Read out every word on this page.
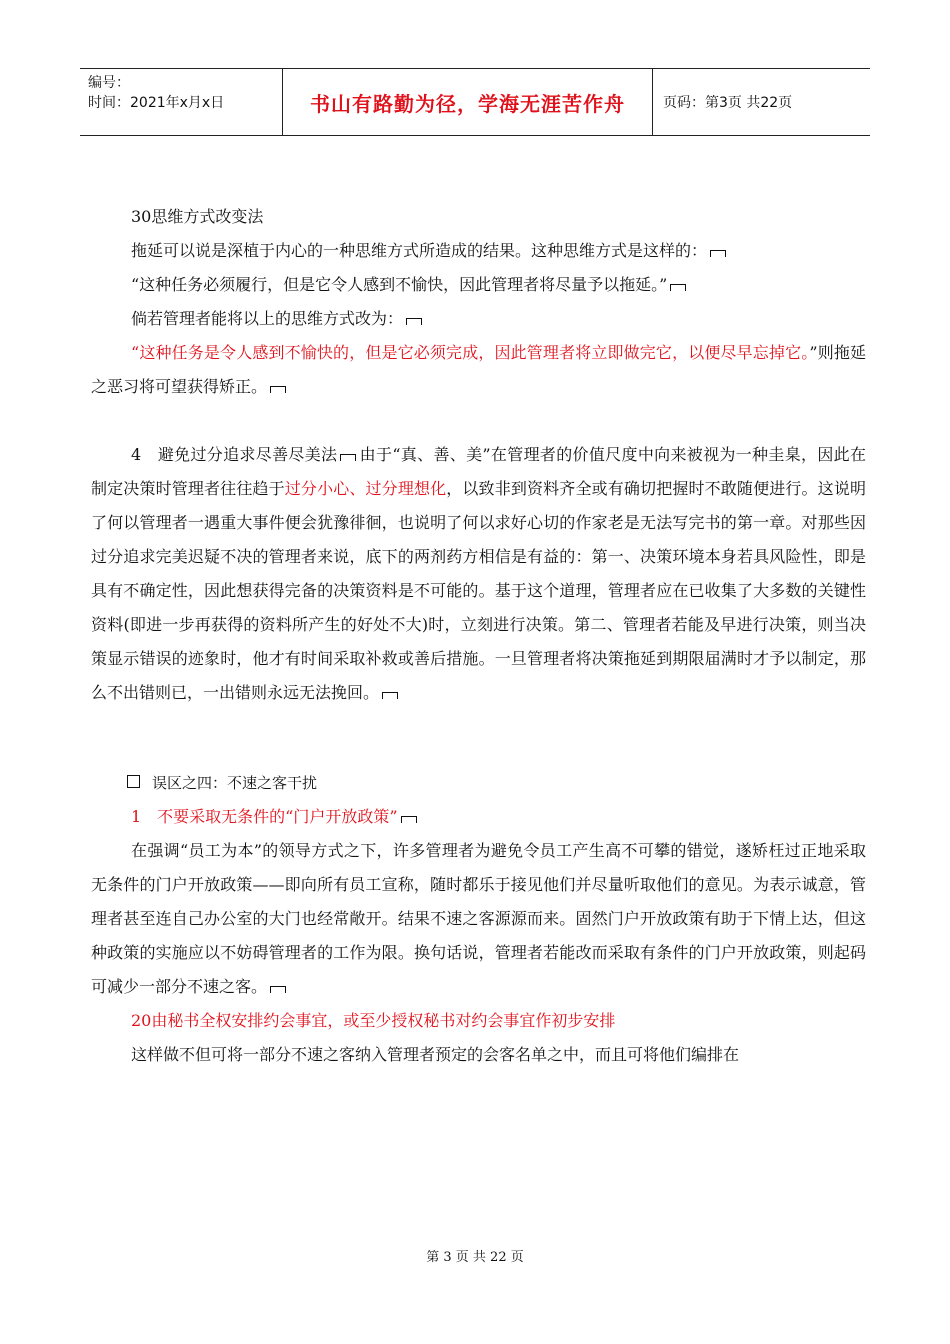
编号：
时间：2021年x月x日	书山有路勤为径，学海无涯苦作舟	页码：第3页 共22页

30思维方式改变法

拖延可以说是深植于内心的一种思维方式所造成的结果。这种思维方式是这样的：

“这种任务必须履行，但是它令人感到不愉快，因此管理者将尽量予以拖延。”

倘若管理者能将以上的思维方式改为：

“这种任务是令人感到不愉快的，但是它必须完成，因此管理者将立即做完它，以便尽早忘掉它。”则拖延之恶习将可望获得矫正。

4　避免过分追求尽善尽美法 由于“真、善、美”在管理者的价值尺度中向来被视为一种圭臬，因此在制定决策时管理者往往趋于过分小心、过分理想化，以致非到资料齐全或有确切把握时不敢随便进行。这说明了何以管理者一遇重大事件便会犹豫徘徊，也说明了何以求好心切的作家老是无法写完书的第一章。对那些因过分追求完美迟疑不决的管理者来说，底下的两剂药方相信是有益的：第一、决策环境本身若具风险性，即是具有不确定性，因此想获得完备的决策资料是不可能的。基于这个道理，管理者应在已收集了大多数的关键性资料(即进一步再获得的资料所产生的好处不大)时，立刻进行决策。第二、管理者若能及早进行决策，则当决策显示错误的迹象时，他才有时间采取补救或善后措施。一旦管理者将决策拖延到期限届满时才予以制定，那么不出错则已，一出错则永远无法挽回。

误区之四：不速之客干扰

1　不要采取无条件的“门户开放政策”

在强调“员工为本”的领导方式之下，许多管理者为避免令员工产生高不可攀的错觉，遂矫枉过正地采取无条件的门户开放政策——即向所有员工宣称，随时都乐于接见他们并尽量听取他们的意见。为表示诚意，管理者甚至连自己办公室的大门也经常敞开。结果不速之客源源而来。固然门户开放政策有助于下情上达，但这种政策的实施应以不妨碍管理者的工作为限。换句话说，管理者若能改而采取有条件的门户开放政策，则起码可减少一部分不速之客。

20由秘书全权安排约会事宜，或至少授权秘书对约会事宜作初步安排

这样做不但可将一部分不速之客纳入管理者预定的会客名单之中，而且可将他们编排在

第 3 页 共 22 页
